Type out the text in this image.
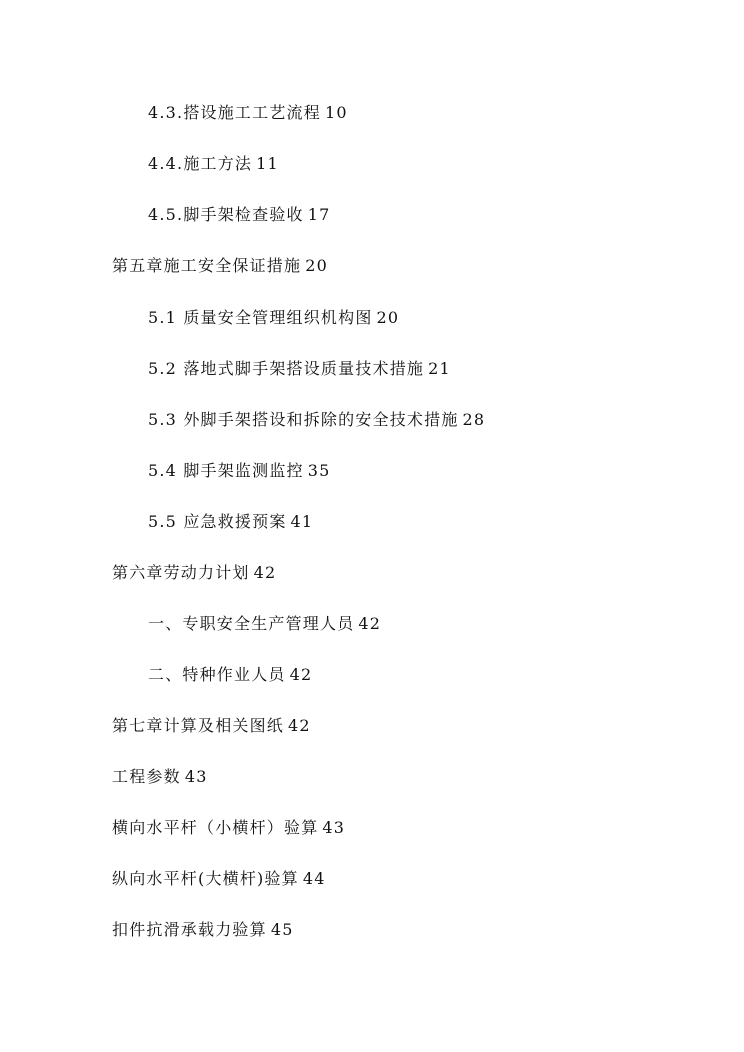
4.3.搭设施工工艺流程 10
4.4.施工方法 11
4.5.脚手架检查验收 17
第五章施工安全保证措施 20
5.1 质量安全管理组织机构图 20
5.2 落地式脚手架搭设质量技术措施 21
5.3 外脚手架搭设和拆除的安全技术措施 28
5.4 脚手架监测监控 35
5.5 应急救援预案 41
第六章劳动力计划 42
一、专职安全生产管理人员 42
二、特种作业人员 42
第七章计算及相关图纸 42
工程参数 43
横向水平杆（小横杆）验算 43
纵向水平杆(大横杆)验算 44
扣件抗滑承载力验算 45
